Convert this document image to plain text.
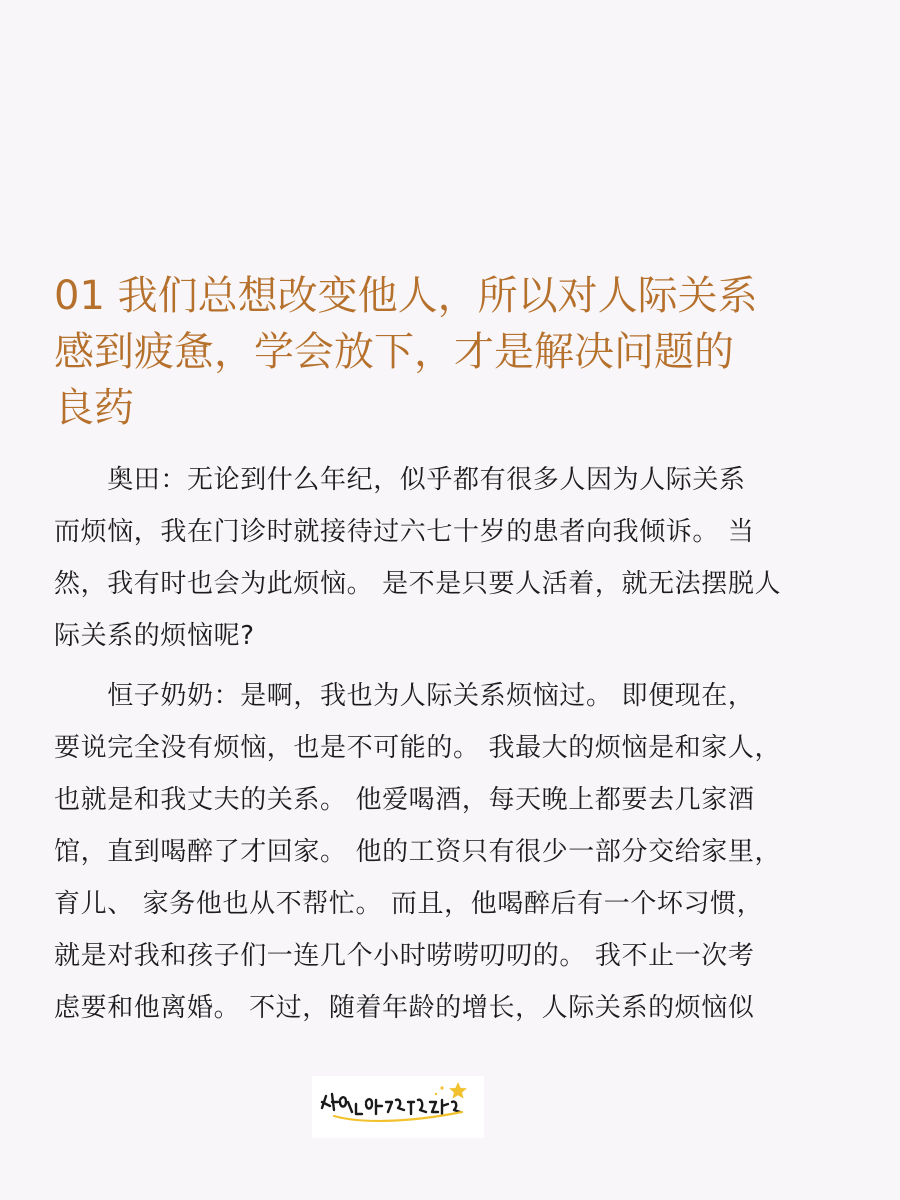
01 我们总想改变他人，所以对人际关系
感到疲惫，学会放下，才是解决问题的
良药

　　奥田：无论到什么年纪，似乎都有很多人因为人际关系
而烦恼，我在门诊时就接待过六七十岁的患者向我倾诉。 当
然，我有时也会为此烦恼。 是不是只要人活着，就无法摆脱人
际关系的烦恼呢?

　　恒子奶奶：是啊，我也为人际关系烦恼过。 即便现在，
要说完全没有烦恼，也是不可能的。 我最大的烦恼是和家人，
也就是和我丈夫的关系。 他爱喝酒，每天晚上都要去几家酒
馆，直到喝醉了才回家。 他的工资只有很少一部分交给家里，
育儿、 家务他也从不帮忙。 而且，他喝醉后有一个坏习惯，
就是对我和孩子们一连几个小时唠唠叨叨的。 我不止一次考
虑要和他离婚。 不过，随着年龄的增长，人际关系的烦恼似
